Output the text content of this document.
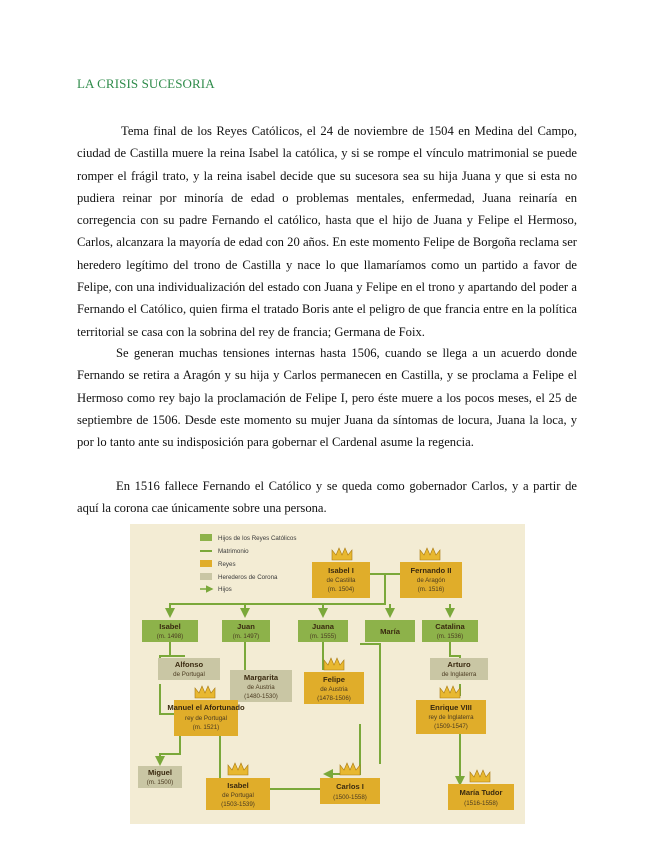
LA CRISIS SUCESORIA

Tema final de los Reyes Católicos, el 24 de noviembre de 1504 en Medina del Campo, ciudad de Castilla muere la reina Isabel la católica, y si se rompe el vínculo matrimonial se puede romper el frágil trato, y la reina isabel decide que su sucesora sea su hija Juana y que si esta no pudiera reinar por minoría de edad o problemas mentales, enfermedad, Juana reinaría en corregencia con su padre Fernando el católico, hasta que el hijo de Juana y Felipe el Hermoso, Carlos, alcanzara la mayoría de edad con 20 años. En este momento Felipe de Borgoña reclama ser heredero legítimo del trono de Castilla y nace lo que llamaríamos como un partido a favor de Felipe, con una individualización del estado con Juana y Felipe en el trono y apartando del poder a Fernando el Católico, quien firma el tratado Boris ante el peligro de que francia entre en la política territorial se casa con la sobrina del rey de francia; Germana de Foix.

Se generan muchas tensiones internas hasta 1506, cuando se llega a un acuerdo donde Fernando se retira a Aragón y su hija y Carlos permanecen en Castilla, y se proclama a Felipe el Hermoso como rey bajo la proclamación de Felipe I, pero éste muere a los pocos meses, el 25 de septiembre de 1506. Desde este momento su mujer Juana da síntomas de locura, Juana la loca, y por lo tanto ante su indisposición para gobernar el Cardenal asume la regencia.

En 1516 fallece Fernando el Católico y se queda como gobernador Carlos, y a partir de aquí la corona cae únicamente sobre una persona.

Hijos de los Reyes Católicos
Matrimonio
Reyes
Herederos de Corona
Hijos
Isabel I
de Castilla
(m. 1504)
Fernando II
de Aragón
(m. 1516)
Isabel
(m. 1498)
Juan
(m. 1497)
Juana
(m. 1555)
María
Catalina
(m. 1536)
Alfonso
de Portugal	Margarita
de Austria
(1480-1530)
Felipe
de Austria
(1478-1506)
Arturo
de Inglaterra
Manuel el Afortunado
rey de Portugal
(m. 1521)
Enrique VIII
rey de Inglaterra
(1509-1547)
Miguel
(m. 1500)	Isabel
de Portugal
(1503-1539)
Carlos I
(1500-1558)
María Tudor
(1516-1558)
